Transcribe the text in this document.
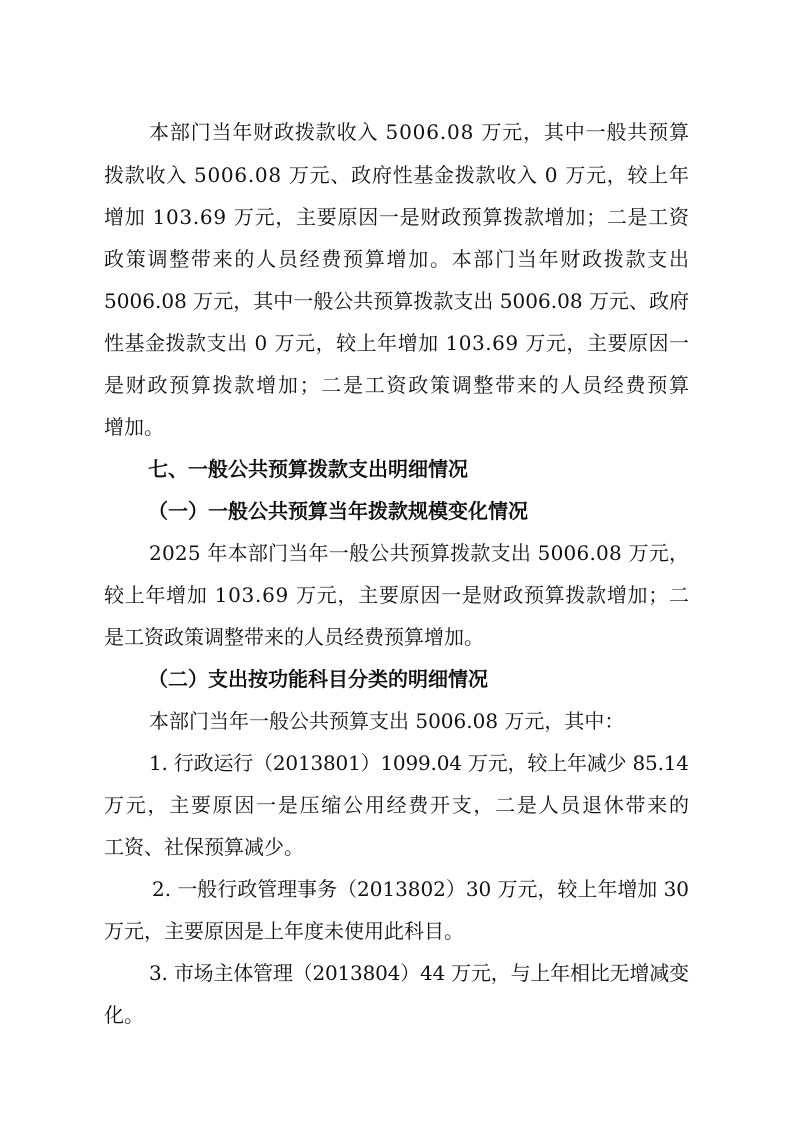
本部门当年财政拨款收入 5006.08 万元，其中一般共预算
拨款收入 5006.08 万元、政府性基金拨款收入 0 万元，较上年
增加 103.69 万元，主要原因一是财政预算拨款增加；二是工资
政策调整带来的人员经费预算增加。本部门当年财政拨款支出
5006.08 万元，其中一般公共预算拨款支出 5006.08 万元、政府
性基金拨款支出 0 万元，较上年增加 103.69 万元，主要原因一
是财政预算拨款增加；二是工资政策调整带来的人员经费预算
增加。
七、一般公共预算拨款支出明细情况
（一）一般公共预算当年拨款规模变化情况
2025 年本部门当年一般公共预算拨款支出 5006.08 万元，
较上年增加 103.69 万元，主要原因一是财政预算拨款增加；二
是工资政策调整带来的人员经费预算增加。
（二）支出按功能科目分类的明细情况
本部门当年一般公共预算支出 5006.08 万元，其中：
1. 行政运行（2013801）1099.04 万元，较上年减少 85.14
万元，主要原因一是压缩公用经费开支，二是人员退休带来的
工资、社保预算减少。
2. 一般行政管理事务（2013802）30 万元，较上年增加 30
万元，主要原因是上年度未使用此科目。
3. 市场主体管理（2013804）44 万元，与上年相比无增减变
化。
